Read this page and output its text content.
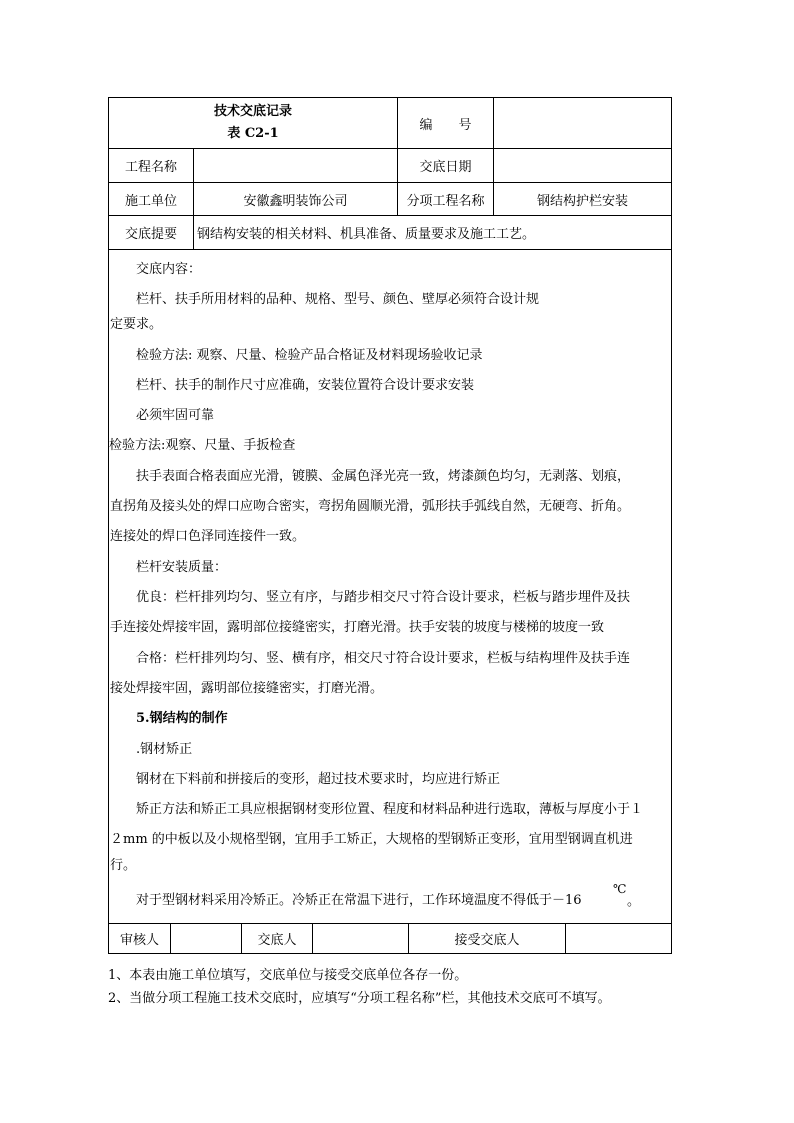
技术交底记录
表 C2-1
编　　号
工程名称	交底日期
施工单位	安徽鑫明装饰公司	分项工程名称	钢结构护栏安装
交底提要	钢结构安装的相关材料、机具准备、质量要求及施工工艺。

交底内容：

栏杆、扶手所用材料的品种、规格、型号、颜色、壁厚必须符合设计规

定要求。

检验方法: 观察、尺量、检验产品合格证及材料现场验收记录

栏杆、扶手的制作尺寸应准确，安装位置符合设计要求安装

必须牢固可靠

检验方法:观察、尺量、手扳检查

扶手表面合格表面应光滑，镀膜、金属色泽光亮一致，烤漆颜色均匀，无剥落、划痕，

直拐角及接头处的焊口应吻合密实，弯拐角圆顺光滑，弧形扶手弧线自然，无硬弯、折角。

连接处的焊口色泽同连接件一致。

栏杆安装质量：

优良：栏杆排列均匀、竖立有序，与踏步相交尺寸符合设计要求，栏板与踏步埋件及扶

手连接处焊接牢固，露明部位接缝密实，打磨光滑。扶手安装的坡度与楼梯的坡度一致

合格：栏杆排列均匀、竖、横有序，相交尺寸符合设计要求，栏板与结构埋件及扶手连

接处焊接牢固，露明部位接缝密实，打磨光滑。

5.钢结构的制作

.钢材矫正

钢材在下料前和拼接后的变形，超过技术要求时，均应进行矫正

矫正方法和矫正工具应根据钢材变形位置、程度和材料品种进行选取，薄板与厚度小于１

２mm 的中板以及小规格型钢，宜用手工矫正，大规格的型钢矫正变形，宜用型钢调直机进

行。

对于型钢材料采用冷矫正。冷矫正在常温下进行，工作环境温度不得低于－16

℃

。

审核人	交底人	接受交底人
1、本表由施工单位填写，交底单位与接受交底单位各存一份。
2、当做分项工程施工技术交底时，应填写“分项工程名称”栏，其他技术交底可不填写。
